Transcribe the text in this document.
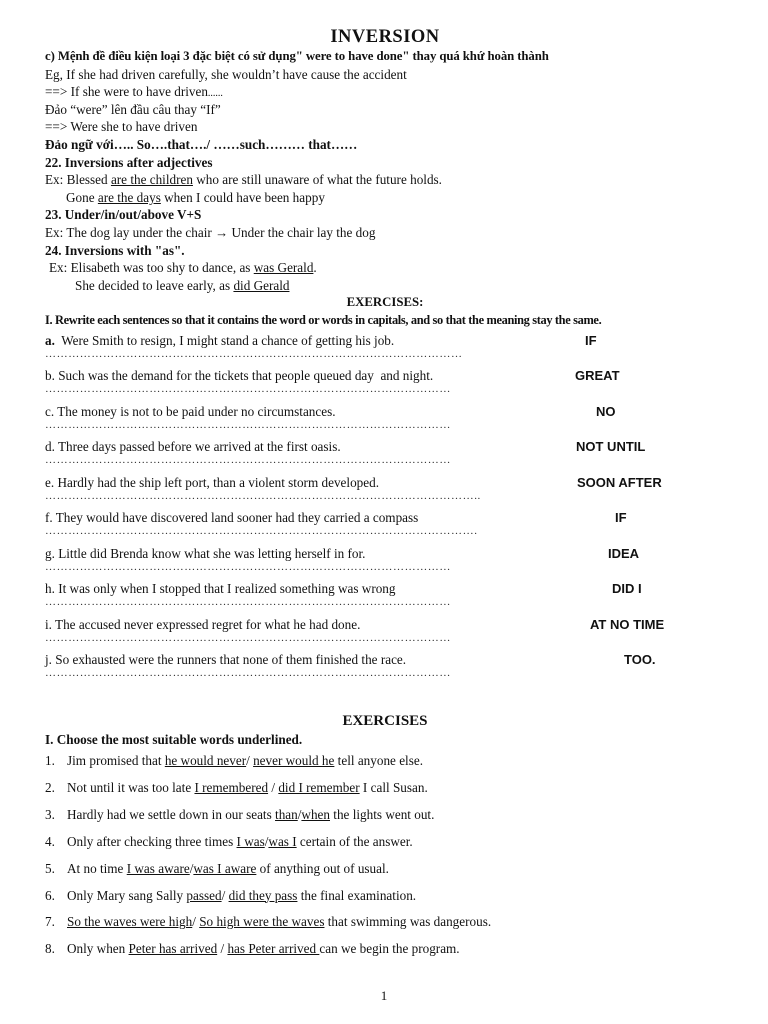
INVERSION
c) Mệnh đề điều kiện loại 3 đặc biệt có sử dụng" were to have done" thay quá khứ hoàn thành
Eg, If she had driven carefully, she wouldn’t have cause the accident
==> If she were to have driven......
Đảo “were” lên đầu câu thay “If”
==> Were she to have driven
Đảo ngữ với….. So….that…./ ……such……… that……
22. Inversions after adjectives
Ex: Blessed are the children who are still unaware of what the future holds.
Gone are the days when I could have been happy
23. Under/in/out/above V+S
Ex: The dog lay under the chair → Under the chair lay the dog
24. Inversions with "as".
Ex: Elisabeth was too shy to dance, as was Gerald.
She decided to leave early, as did Gerald
EXERCISES:
I. Rewrite each sentences so that it contains the word or words in capitals, and so that the meaning stay the same.
a.  Were Smith to resign, I might stand a chance of getting his job.	IF
………………………………………………………………………………………………
b. Such was the demand for the tickets that people queued day  and night.	GREAT
……………………………………………………………………………………………
c. The money is not to be paid under no circumstances.	NO
……………………………………………………………………………………………
d. Three days passed before we arrived at the first oasis.	NOT UNTIL
……………………………………………………………………………………………
e. Hardly had the ship left port, than a violent storm developed.	SOON AFTER
…………………………………………………………………………………………………..
f. They would have discovered land sooner had they carried a compass	IF
………………………………………………………………………………………………….
g. Little did Brenda know what she was letting herself in for.	IDEA
……………………………………………………………………………………………
h. It was only when I stopped that I realized something was wrong	DID I
……………………………………………………………………………………………
i. The accused never expressed regret for what he had done.	AT NO TIME
……………………………………………………………………………………………
j. So exhausted were the runners that none of them finished the race.	TOO.
……………………………………………………………………………………………
EXERCISES
I. Choose the most suitable words underlined.
1. Jim promised that he would never/ never would he tell anyone else.
2. Not until it was too late I remembered / did I remember I call Susan.
3. Hardly had we settle down in our seats than/when the lights went out.
4. Only after checking three times I was/was I certain of the answer.
5. At no time I was aware/was I aware of anything out of usual.
6. Only Mary sang Sally passed/ did they pass the final examination.
7. So the waves were high/ So high were the waves that swimming was dangerous.
8. Only when Peter has arrived / has Peter arrived can we begin the program.
1
